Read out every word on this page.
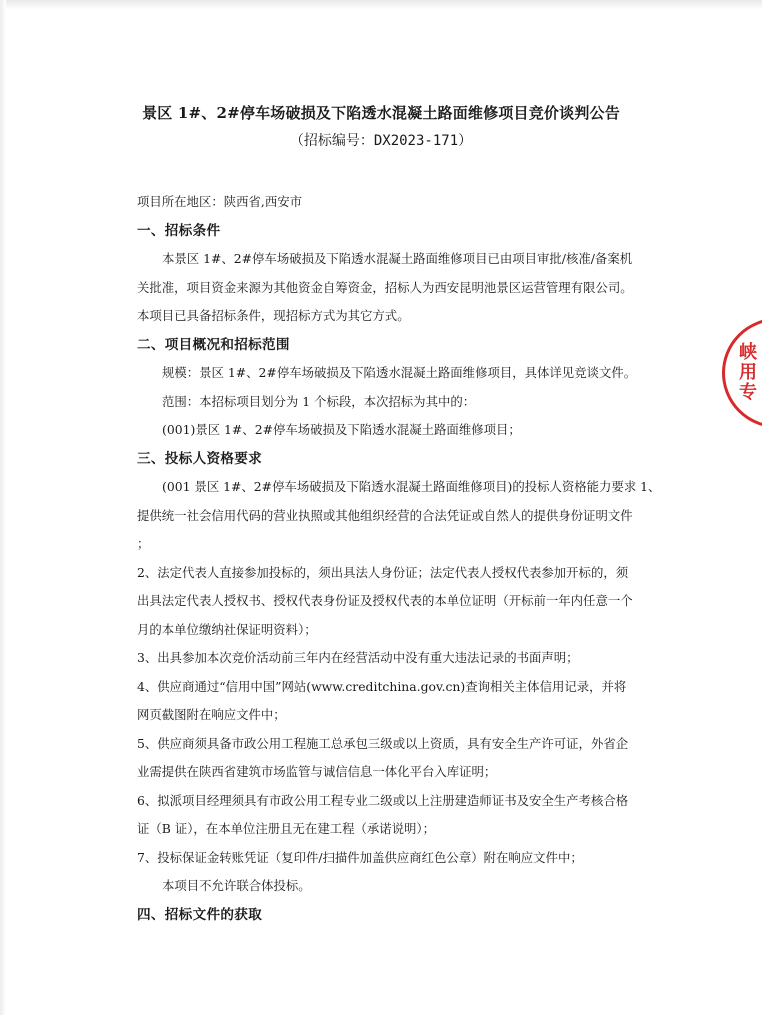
景区 1#、2#停车场破损及下陷透水混凝土路面维修项目竞价谈判公告
（招标编号：DX2023-171）

项目所在地区：陕西省,西安市

一、招标条件

本景区 1#、2#停车场破损及下陷透水混凝土路面维修项目已由项目审批/核准/备案机

关批准，项目资金来源为其他资金自筹资金，招标人为西安昆明池景区运营管理有限公司。

本项目已具备招标条件，现招标方式为其它方式。

二、项目概况和招标范围

规模：景区 1#、2#停车场破损及下陷透水混凝土路面维修项目，具体详见竞谈文件。

范围：本招标项目划分为 1 个标段，本次招标为其中的：

(001)景区 1#、2#停车场破损及下陷透水混凝土路面维修项目；

三、投标人资格要求

(001 景区 1#、2#停车场破损及下陷透水混凝土路面维修项目)的投标人资格能力要求 1、

提供统一社会信用代码的营业执照或其他组织经营的合法凭证或自然人的提供身份证明文件

；

2、法定代表人直接参加投标的，须出具法人身份证；法定代表人授权代表参加开标的，须

出具法定代表人授权书、授权代表身份证及授权代表的本单位证明（开标前一年内任意一个

月的本单位缴纳社保证明资料）；

3、出具参加本次竞价活动前三年内在经营活动中没有重大违法记录的书面声明；

4、供应商通过“信用中国”网站(www.creditchina.gov.cn)查询相关主体信用记录，并将

网页截图附在响应文件中；

5、供应商须具备市政公用工程施工总承包三级或以上资质，具有安全生产许可证，外省企

业需提供在陕西省建筑市场监管与诚信信息一体化平台入库证明；

6、拟派项目经理须具有市政公用工程专业二级或以上注册建造师证书及安全生产考核合格

证（B 证），在本单位注册且无在建工程（承诺说明）；

7、投标保证金转账凭证（复印件/扫描件加盖供应商红色公章）附在响应文件中；

本项目不允许联合体投标。

四、招标文件的获取
峡
用
专
